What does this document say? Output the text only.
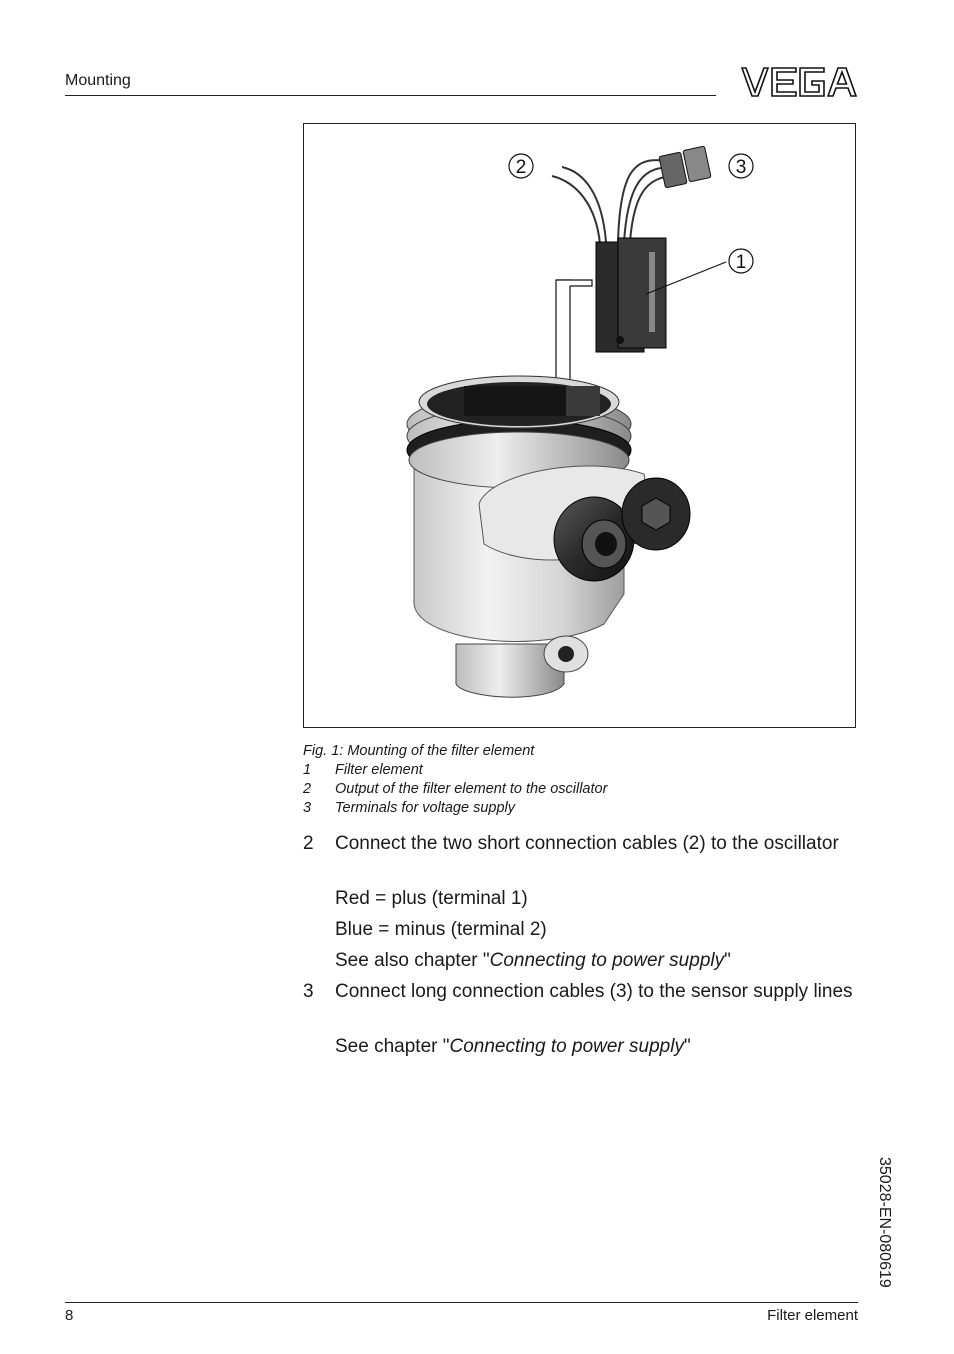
Mounting
2	3
1
Fig. 1: Mounting of the filter element
1 Filter element
2 Output of the filter element to the oscillator
3 Terminals for voltage supply
2 Connect the two short connection cables (2) to the oscillator
Red = plus (terminal 1)
Blue = minus (terminal 2)
See also chapter "Connecting to power supply"
3 Connect long connection cables (3) to the sensor supply lines
See chapter "Connecting to power supply"
35028-EN-080619
8	Filter element
